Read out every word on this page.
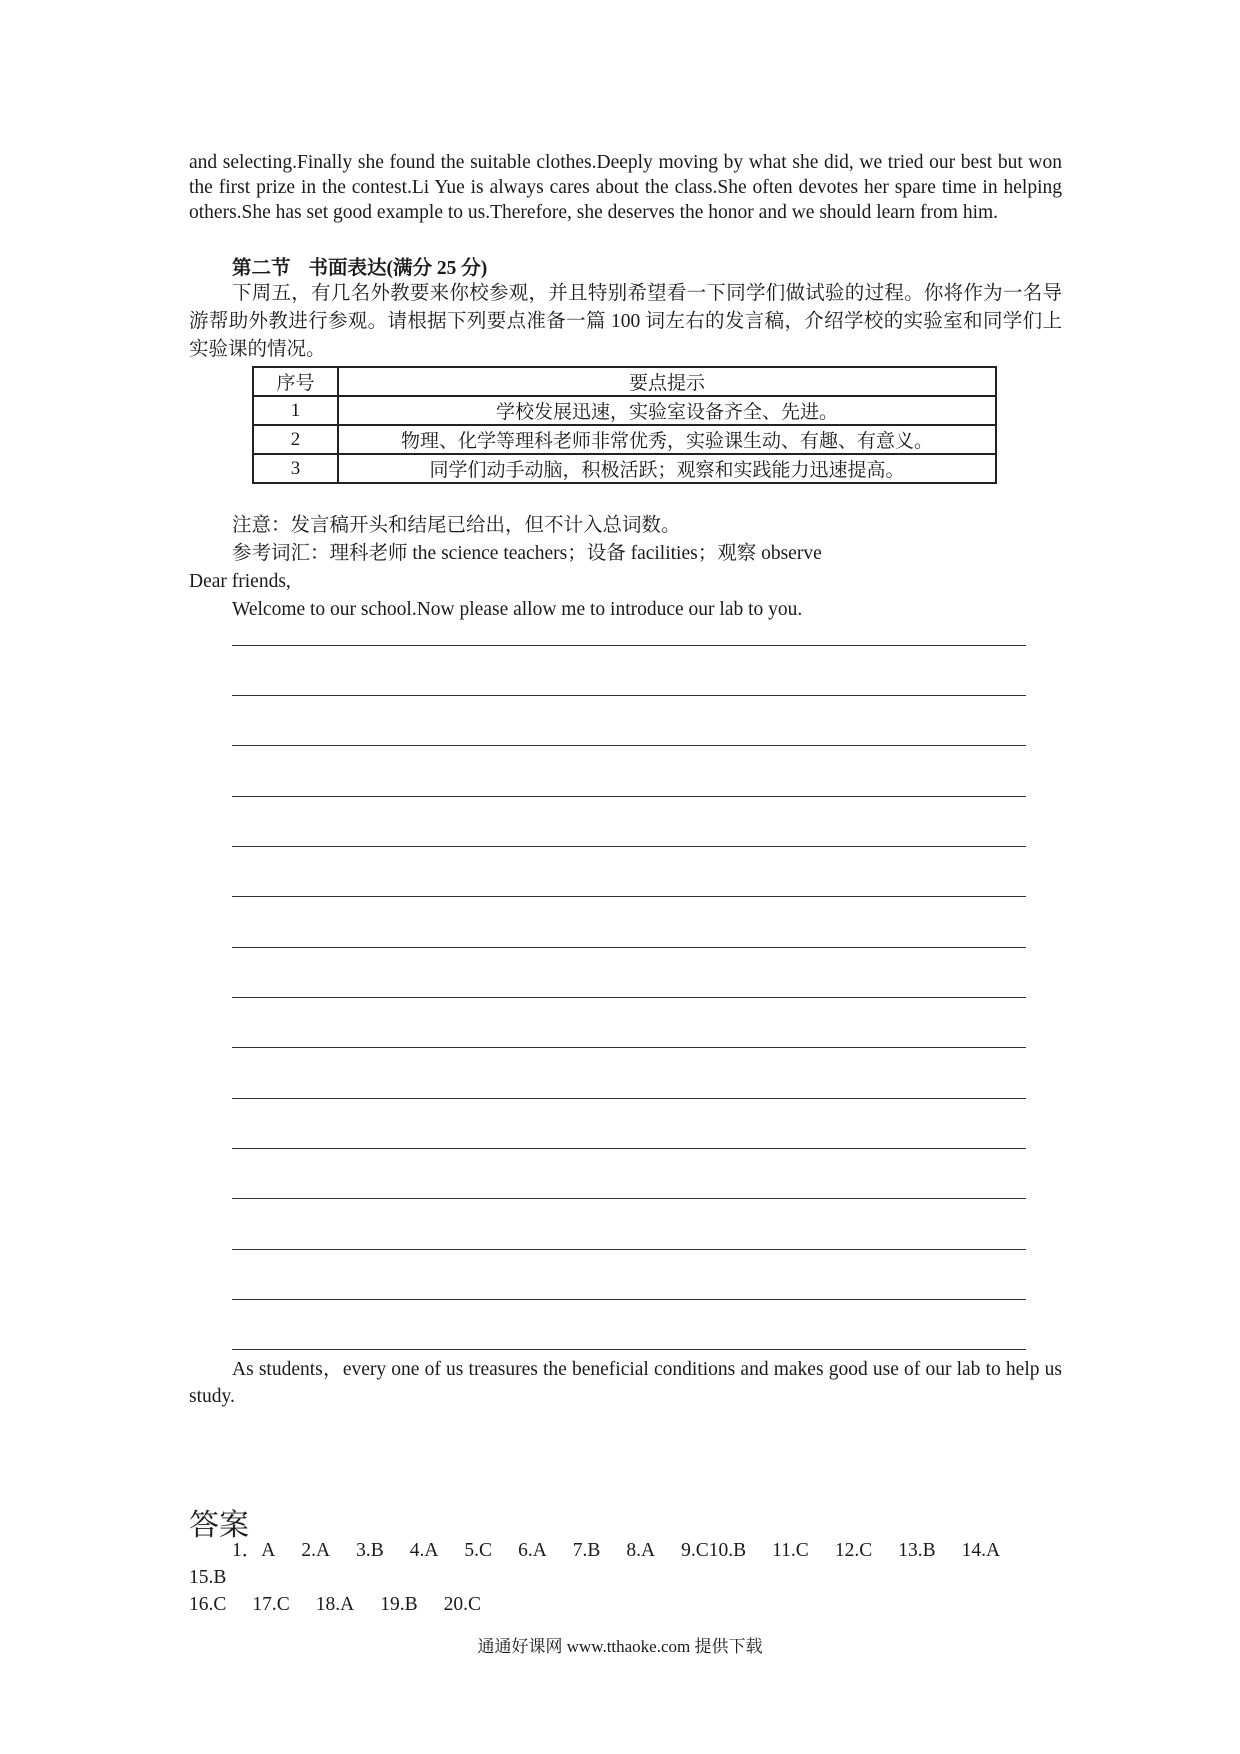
and selecting.Finally she found the suitable clothes.Deeply moving by what she did, we tried our best but won the first prize in the contest.Li Yue is always cares about the class.She often devotes her spare time in helping others.She has set good example to us.Therefore, she deserves the honor and we should learn from him.
第二节 书面表达(满分 25 分)
下周五，有几名外教要来你校参观，并且特别希望看一下同学们做试验的过程。你将作为一名导游帮助外教进行参观。请根据下列要点准备一篇 100 词左右的发言稿，介绍学校的实验室和同学们上实验课的情况。
序号	要点提示
1	学校发展迅速，实验室设备齐全、先进。
2	物理、化学等理科老师非常优秀，实验课生动、有趣、有意义。
3	同学们动手动脑，积极活跃；观察和实践能力迅速提高。
注意：发言稿开头和结尾已给出，但不计入总词数。
参考词汇：理科老师 the science teachers；设备 facilities；观察 observe
Dear friends,
Welcome to our school.Now please allow me to introduce our lab to you.
As students，every one of us treasures the beneficial conditions and makes good use of our lab to help us study.
答案
1．A 2.A 3.B 4.A 5.C 6.A 7.B 8.A 9.C10.B 11.C 12.C 13.B 14.A15.B
16.C 17.C 18.A 19.B 20.C
通通好课网 www.tthaoke.com 提供下载
